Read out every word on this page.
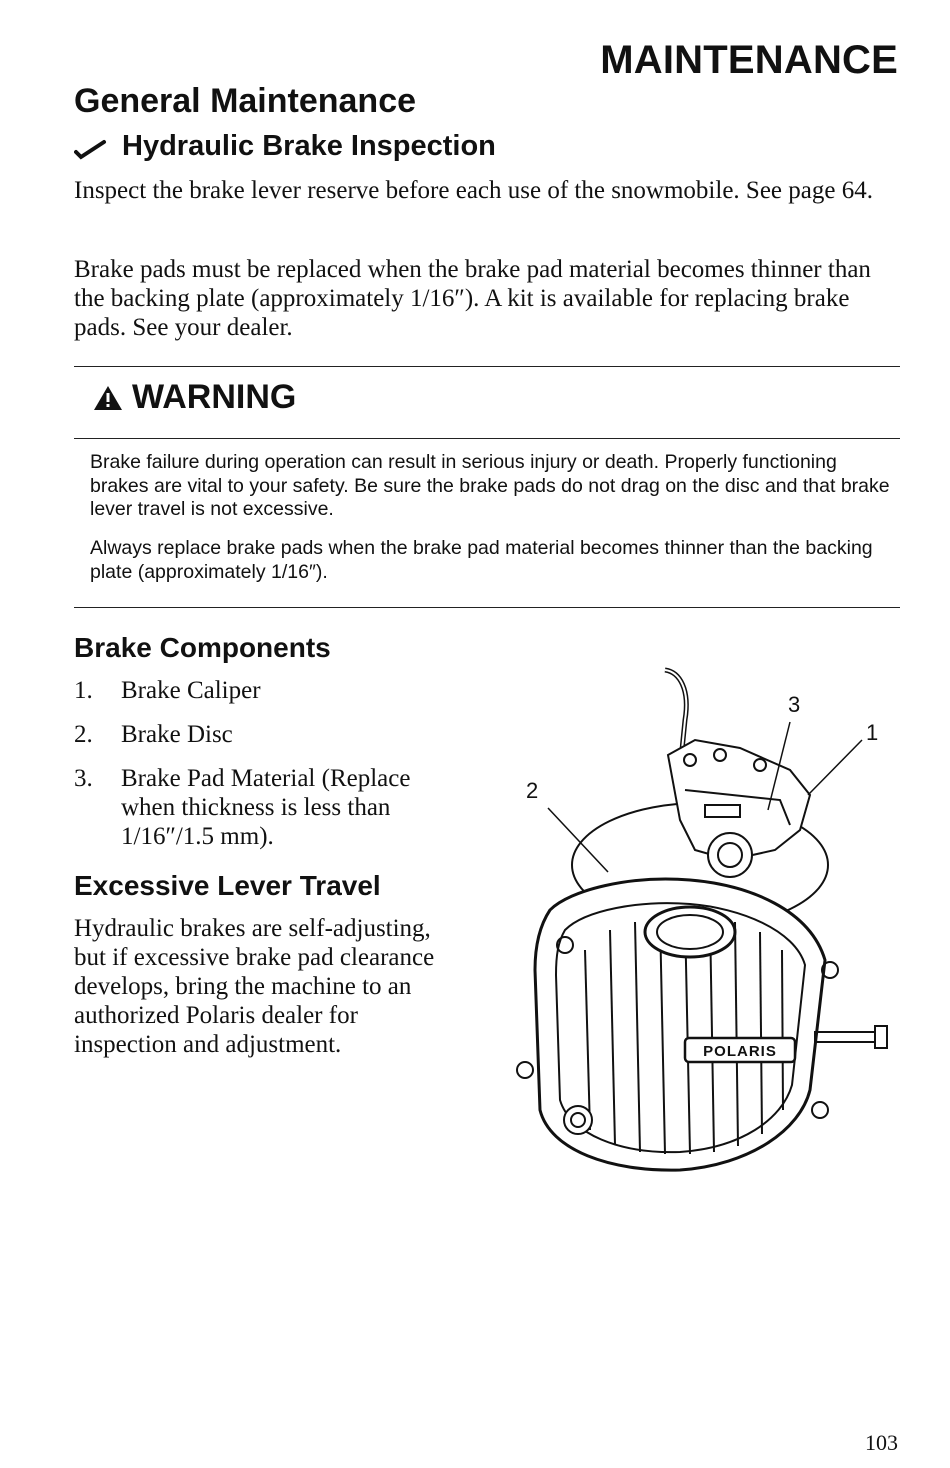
MAINTENANCE
General Maintenance
Hydraulic Brake Inspection
Inspect the brake lever reserve before each use of the snowmobile. See page 64.
Brake pads must be replaced when the brake pad material becomes thinner than the backing plate (approximately 1/16″). A kit is available for replacing brake pads. See your dealer.
WARNING
Brake failure during operation can result in serious injury or death. Properly functioning brakes are vital to your safety. Be sure the brake pads do not drag on the disc and that brake lever travel is not excessive.
Always replace brake pads when the brake pad material becomes thinner than the backing plate (approximately 1/16″).
Brake Components
1.	Brake Caliper
2.	Brake Disc
3.	Brake Pad Material (Replace when thickness is less than 1/16″/1.5 mm).
Excessive Lever Travel
Hydraulic brakes are self-adjusting, but if excessive brake pad clearance develops, bring the machine to an authorized Polaris dealer for inspection and adjustment.
3
1
2
POLARIS
103
